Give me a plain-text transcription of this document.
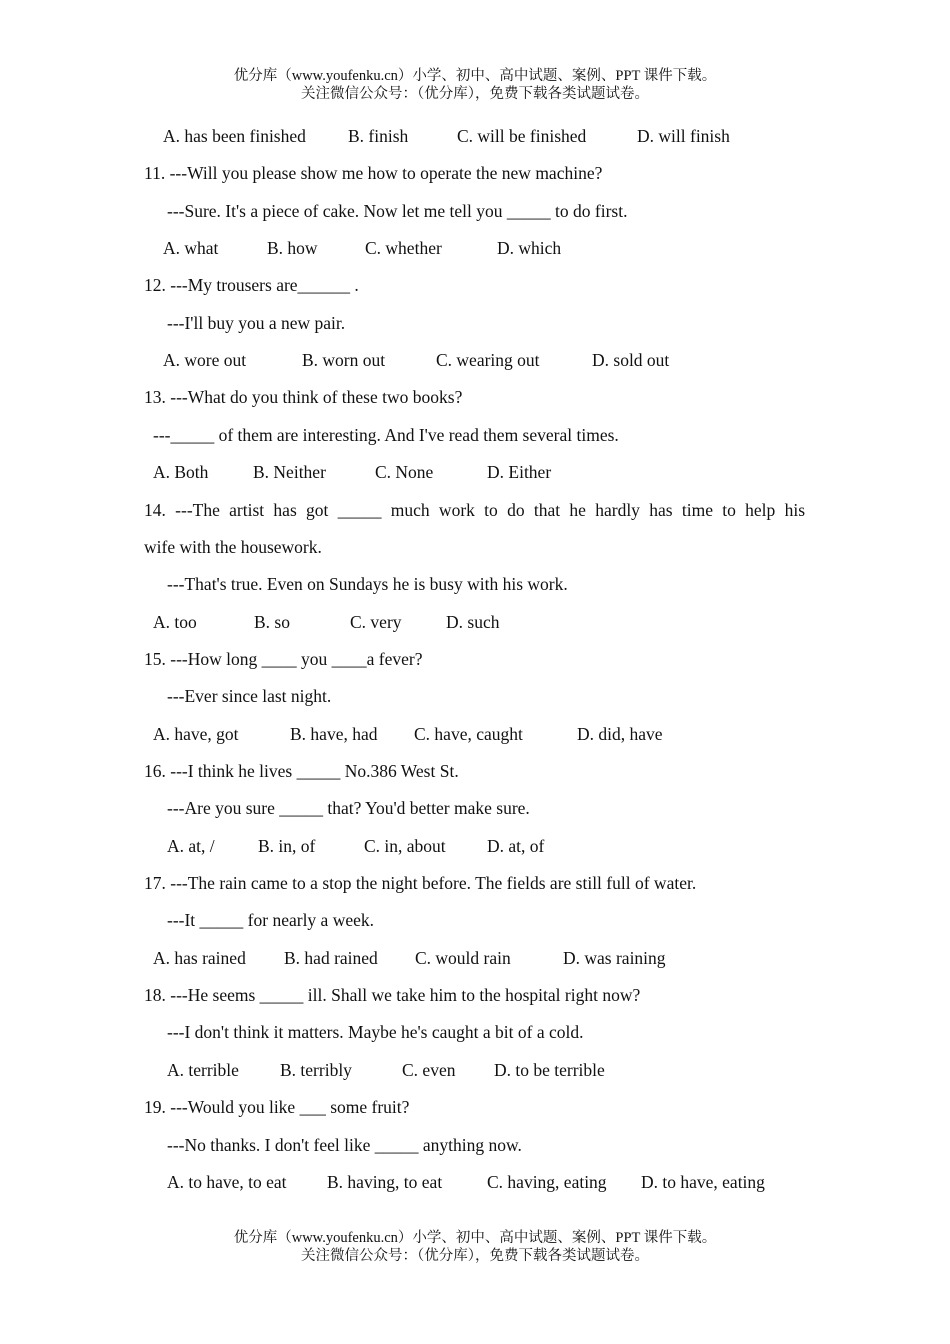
优分库（www.youfenku.cn）小学、初中、高中试题、案例、PPT 课件下载。
关注微信公众号：（优分库），免费下载各类试题试卷。
A. has been finished B. finish	C. will be finished	D. will finish
11. ---Will you please show me how to operate the new machine?
---Sure. It's a piece of cake. Now let me tell you _____ to do first.
A. what	B. how	C. whether	D. which
12. ---My trousers are______ .
---I'll buy you a new pair.
A. wore out	B. worn out	C. wearing out	D. sold out
13. ---What do you think of these two books?
---_____ of them are interesting. And I've read them several times.
A. Both	B. Neither	C. None	D. Either
14. ---The artist has got _____ much work to do that he hardly has time to help his
wife with the housework.
---That's true. Even on Sundays he is busy with his work.
A. too	B. so	C. very	D. such
15. ---How long ____ you ____a fever?
---Ever since last night.
A. have, got	B. have, had C. have, caught	D. did, have
16. ---I think he lives _____ No.386 West St.
---Are you sure _____ that? You'd better make sure.
A. at, / B. in, of	C. in, about D. at, of
17. ---The rain came to a stop the night before. The fields are still full of water.
---It _____ for nearly a week.
A. has rained B. had rained C. would rain	D. was raining
18. ---He seems _____ ill. Shall we take him to the hospital right now?
---I don't think it matters. Maybe he's caught a bit of a cold.
A. terrible B. terribly	C. even D. to be terrible
19. ---Would you like ___ some fruit?
---No thanks. I don't feel like _____ anything now.
A. to have, to eat B. having, to eat	C. having, eating D. to have, eating
优分库（www.youfenku.cn）小学、初中、高中试题、案例、PPT 课件下载。
关注微信公众号：（优分库），免费下载各类试题试卷。
